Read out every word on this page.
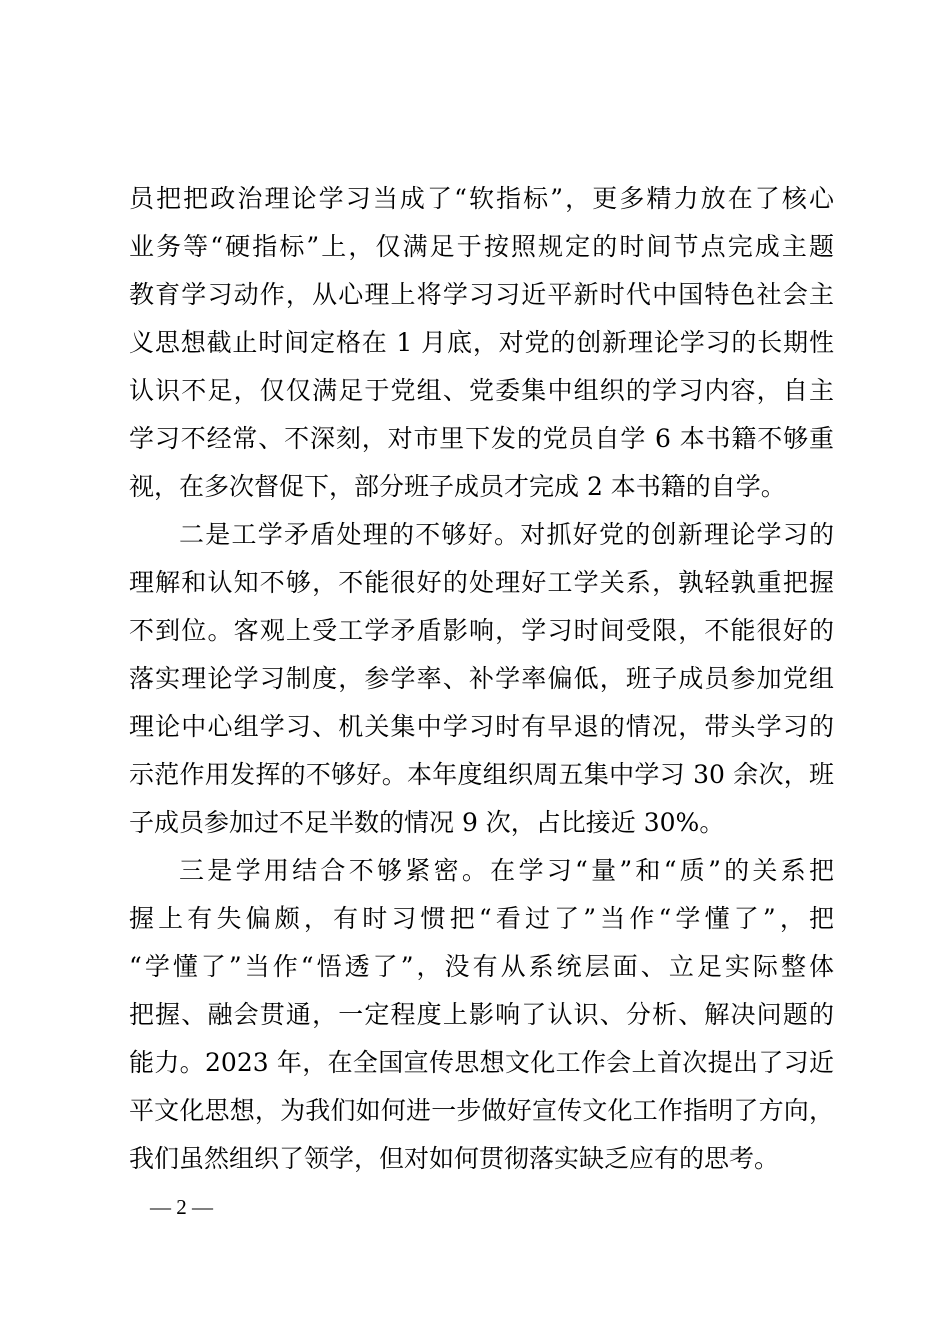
员把把政治理论学习当成了“软指标”，更多精力放在了核心
业务等“硬指标”上，仅满足于按照规定的时间节点完成主题
教育学习动作，从心理上将学习习近平新时代中国特色社会主
义思想截止时间定格在 1 月底，对党的创新理论学习的长期性
认识不足，仅仅满足于党组、党委集中组织的学习内容，自主
学习不经常、不深刻，对市里下发的党员自学 6 本书籍不够重
视，在多次督促下，部分班子成员才完成 2 本书籍的自学。
二是工学矛盾处理的不够好。对抓好党的创新理论学习的
理解和认知不够，不能很好的处理好工学关系，孰轻孰重把握
不到位。客观上受工学矛盾影响，学习时间受限，不能很好的
落实理论学习制度，参学率、补学率偏低，班子成员参加党组
理论中心组学习、机关集中学习时有早退的情况，带头学习的
示范作用发挥的不够好。本年度组织周五集中学习 30 余次，班
子成员参加过不足半数的情况 9 次，占比接近 30%。
三是学用结合不够紧密。在学习“量”和“质”的关系把
握上有失偏颇，有时习惯把“看过了”当作“学懂了”，把
“学懂了”当作“悟透了”，没有从系统层面、立足实际整体
把握、融会贯通，一定程度上影响了认识、分析、解决问题的
能力。2023 年，在全国宣传思想文化工作会上首次提出了习近
平文化思想，为我们如何进一步做好宣传文化工作指明了方向，
我们虽然组织了领学，但对如何贯彻落实缺乏应有的思考。
— 2 —
